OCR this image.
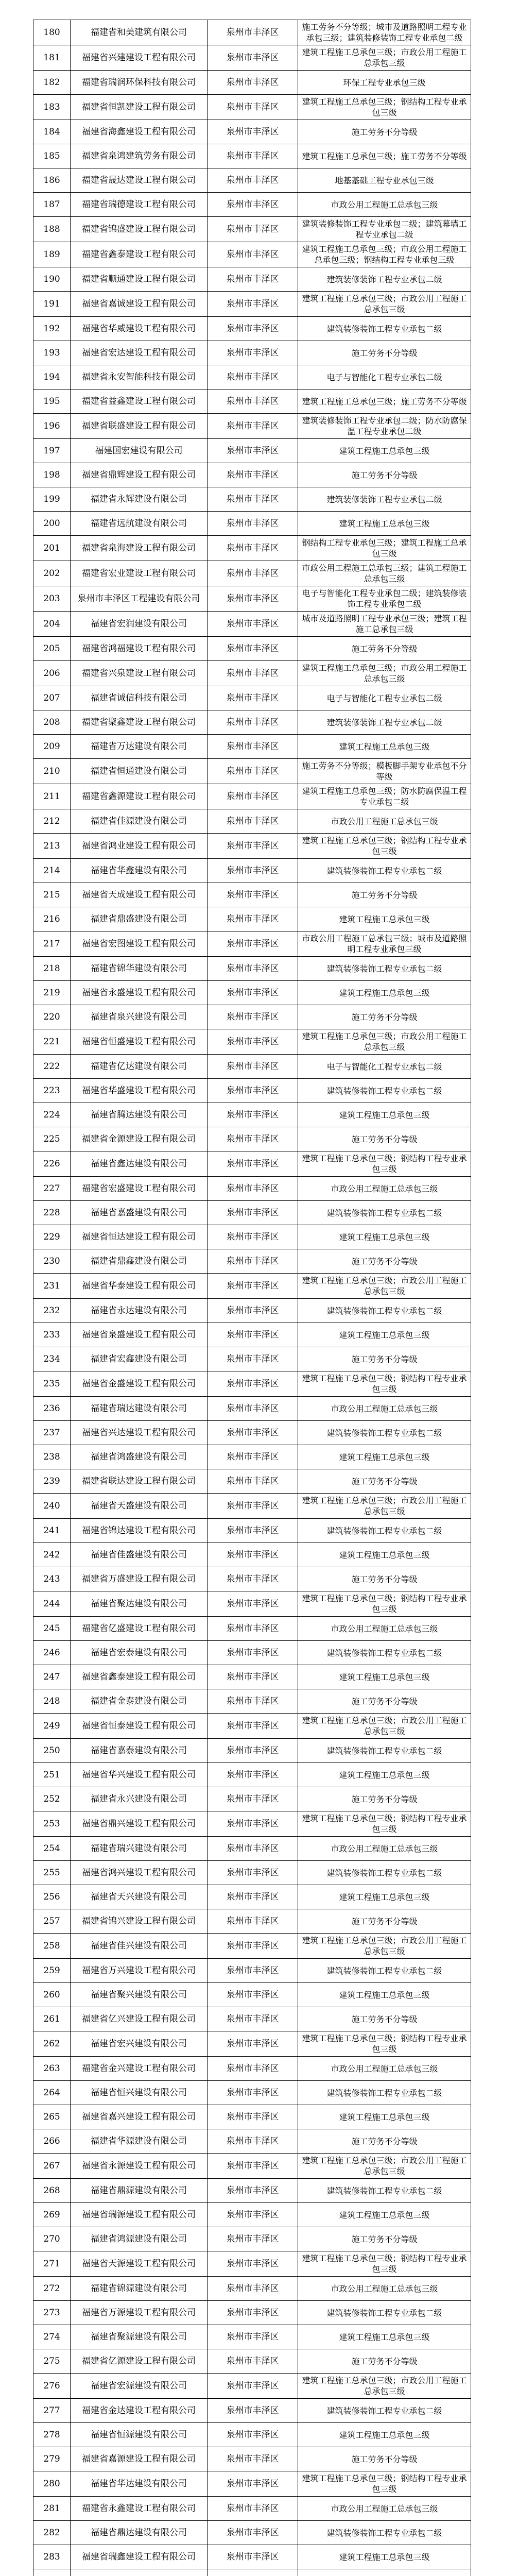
180	福建省和美建筑有限公司	泉州市丰泽区	施工劳务不分等级；城市及道路照明工程专业承包三级；建筑装修装饰工程专业承包二级
181	福建省兴建建设工程有限公司	泉州市丰泽区	建筑工程施工总承包三级；市政公用工程施工总承包三级
182	福建省瑞润环保科技有限公司	泉州市丰泽区	环保工程专业承包三级
183	福建省恒凯建设工程有限公司	泉州市丰泽区	建筑工程施工总承包三级；钢结构工程专业承包三级
184	福建省海鑫建设工程有限公司	泉州市丰泽区	施工劳务不分等级
185	福建省泉鸿建筑劳务有限公司	泉州市丰泽区	建筑工程施工总承包三级；施工劳务不分等级
186	福建省晟达建设工程有限公司	泉州市丰泽区	地基基础工程专业承包三级
187	福建省瑞德建设工程有限公司	泉州市丰泽区	市政公用工程施工总承包三级
188	福建省锦盛建设工程有限公司	泉州市丰泽区	建筑装修装饰工程专业承包二级；建筑幕墙工程专业承包二级
189	福建省鑫泰建设工程有限公司	泉州市丰泽区	建筑工程施工总承包三级；市政公用工程施工总承包三级；钢结构工程专业承包三级
190	福建省顺通建设工程有限公司	泉州市丰泽区	建筑装修装饰工程专业承包二级
191	福建省嘉诚建设工程有限公司	泉州市丰泽区	建筑工程施工总承包三级；市政公用工程施工总承包三级
192	福建省华威建设工程有限公司	泉州市丰泽区	建筑装修装饰工程专业承包二级
193	福建省宏达建设工程有限公司	泉州市丰泽区	施工劳务不分等级
194	福建省永安智能科技有限公司	泉州市丰泽区	电子与智能化工程专业承包二级
195	福建省益鑫建设工程有限公司	泉州市丰泽区	建筑工程施工总承包三级；施工劳务不分等级
196	福建省联盛建设工程有限公司	泉州市丰泽区	建筑装修装饰工程专业承包二级；防水防腐保温工程专业承包二级
197	福建国宏建设有限公司	泉州市丰泽区	建筑工程施工总承包三级
198	福建省鼎辉建设工程有限公司	泉州市丰泽区	施工劳务不分等级
199	福建省永辉建设有限公司	泉州市丰泽区	建筑装修装饰工程专业承包二级
200	福建省远航建设有限公司	泉州市丰泽区	建筑工程施工总承包三级
201	福建省泉海建设工程有限公司	泉州市丰泽区	钢结构工程专业承包三级；建筑工程施工总承包三级
202	福建省宏业建设工程有限公司	泉州市丰泽区	市政公用工程施工总承包三级；建筑工程施工总承包三级
203	泉州市丰泽区工程建设有限公司	泉州市丰泽区	电子与智能化工程专业承包二级；建筑装修装饰工程专业承包二级
204	福建省宏润建设有限公司	泉州市丰泽区	城市及道路照明工程专业承包三级；建筑工程施工总承包三级
205	福建省鸿福建设工程有限公司	泉州市丰泽区	施工劳务不分等级
206	福建省兴泉建设工程有限公司	泉州市丰泽区	建筑工程施工总承包三级；市政公用工程施工总承包三级
207	福建省诚信科技有限公司	泉州市丰泽区	电子与智能化工程专业承包二级
208	福建省聚鑫建设工程有限公司	泉州市丰泽区	建筑装修装饰工程专业承包二级
209	福建省万达建设有限公司	泉州市丰泽区	建筑工程施工总承包三级
210	福建省恒通建设有限公司	泉州市丰泽区	施工劳务不分等级；模板脚手架专业承包不分等级
211	福建省鑫源建设工程有限公司	泉州市丰泽区	建筑工程施工总承包三级；防水防腐保温工程专业承包二级
212	福建省佳源建设有限公司	泉州市丰泽区	市政公用工程施工总承包三级
213	福建省鸿业建设工程有限公司	泉州市丰泽区	建筑工程施工总承包三级；钢结构工程专业承包三级
214	福建省华鑫建设有限公司	泉州市丰泽区	建筑装修装饰工程专业承包二级
215	福建省天成建设工程有限公司	泉州市丰泽区	施工劳务不分等级
216	福建省鼎盛建设有限公司	泉州市丰泽区	建筑工程施工总承包三级
217	福建省宏图建设工程有限公司	泉州市丰泽区	市政公用工程施工总承包三级；城市及道路照明工程专业承包三级
218	福建省锦华建设有限公司	泉州市丰泽区	建筑装修装饰工程专业承包二级
219	福建省永盛建设工程有限公司	泉州市丰泽区	建筑工程施工总承包三级
220	福建省泉兴建设有限公司	泉州市丰泽区	施工劳务不分等级
221	福建省恒盛建设工程有限公司	泉州市丰泽区	建筑工程施工总承包三级；市政公用工程施工总承包三级
222	福建省亿达建设有限公司	泉州市丰泽区	电子与智能化工程专业承包二级
223	福建省华盛建设工程有限公司	泉州市丰泽区	建筑装修装饰工程专业承包二级
224	福建省腾达建设有限公司	泉州市丰泽区	建筑工程施工总承包三级
225	福建省金源建设工程有限公司	泉州市丰泽区	施工劳务不分等级
226	福建省鑫达建设有限公司	泉州市丰泽区	建筑工程施工总承包三级；钢结构工程专业承包三级
227	福建省宏盛建设工程有限公司	泉州市丰泽区	市政公用工程施工总承包三级
228	福建省嘉盛建设有限公司	泉州市丰泽区	建筑装修装饰工程专业承包二级
229	福建省恒达建设工程有限公司	泉州市丰泽区	建筑工程施工总承包三级
230	福建省鼎鑫建设有限公司	泉州市丰泽区	施工劳务不分等级
231	福建省华泰建设工程有限公司	泉州市丰泽区	建筑工程施工总承包三级；市政公用工程施工总承包三级
232	福建省永达建设有限公司	泉州市丰泽区	建筑装修装饰工程专业承包二级
233	福建省泉盛建设工程有限公司	泉州市丰泽区	建筑工程施工总承包三级
234	福建省宏鑫建设有限公司	泉州市丰泽区	施工劳务不分等级
235	福建省金盛建设工程有限公司	泉州市丰泽区	建筑工程施工总承包三级；钢结构工程专业承包三级
236	福建省瑞达建设有限公司	泉州市丰泽区	市政公用工程施工总承包三级
237	福建省兴达建设工程有限公司	泉州市丰泽区	建筑装修装饰工程专业承包二级
238	福建省鸿盛建设有限公司	泉州市丰泽区	建筑工程施工总承包三级
239	福建省联达建设工程有限公司	泉州市丰泽区	施工劳务不分等级
240	福建省天盛建设有限公司	泉州市丰泽区	建筑工程施工总承包三级；市政公用工程施工总承包三级
241	福建省锦达建设工程有限公司	泉州市丰泽区	建筑装修装饰工程专业承包二级
242	福建省佳盛建设有限公司	泉州市丰泽区	建筑工程施工总承包三级
243	福建省万盛建设工程有限公司	泉州市丰泽区	施工劳务不分等级
244	福建省聚达建设有限公司	泉州市丰泽区	建筑工程施工总承包三级；钢结构工程专业承包三级
245	福建省亿盛建设工程有限公司	泉州市丰泽区	市政公用工程施工总承包三级
246	福建省宏泰建设有限公司	泉州市丰泽区	建筑装修装饰工程专业承包二级
247	福建省鑫泰建设工程有限公司	泉州市丰泽区	建筑工程施工总承包三级
248	福建省金泰建设有限公司	泉州市丰泽区	施工劳务不分等级
249	福建省恒泰建设工程有限公司	泉州市丰泽区	建筑工程施工总承包三级；市政公用工程施工总承包三级
250	福建省嘉泰建设有限公司	泉州市丰泽区	建筑装修装饰工程专业承包二级
251	福建省华兴建设工程有限公司	泉州市丰泽区	建筑工程施工总承包三级
252	福建省永兴建设有限公司	泉州市丰泽区	施工劳务不分等级
253	福建省鼎兴建设工程有限公司	泉州市丰泽区	建筑工程施工总承包三级；钢结构工程专业承包三级
254	福建省瑞兴建设有限公司	泉州市丰泽区	市政公用工程施工总承包三级
255	福建省鸿兴建设工程有限公司	泉州市丰泽区	建筑装修装饰工程专业承包二级
256	福建省天兴建设有限公司	泉州市丰泽区	建筑工程施工总承包三级
257	福建省锦兴建设工程有限公司	泉州市丰泽区	施工劳务不分等级
258	福建省佳兴建设有限公司	泉州市丰泽区	建筑工程施工总承包三级；市政公用工程施工总承包三级
259	福建省万兴建设工程有限公司	泉州市丰泽区	建筑装修装饰工程专业承包二级
260	福建省聚兴建设有限公司	泉州市丰泽区	建筑工程施工总承包三级
261	福建省亿兴建设工程有限公司	泉州市丰泽区	施工劳务不分等级
262	福建省宏兴建设有限公司	泉州市丰泽区	建筑工程施工总承包三级；钢结构工程专业承包三级
263	福建省金兴建设工程有限公司	泉州市丰泽区	市政公用工程施工总承包三级
264	福建省恒兴建设有限公司	泉州市丰泽区	建筑装修装饰工程专业承包二级
265	福建省嘉兴建设工程有限公司	泉州市丰泽区	建筑工程施工总承包三级
266	福建省华源建设有限公司	泉州市丰泽区	施工劳务不分等级
267	福建省永源建设工程有限公司	泉州市丰泽区	建筑工程施工总承包三级；市政公用工程施工总承包三级
268	福建省鼎源建设有限公司	泉州市丰泽区	建筑装修装饰工程专业承包二级
269	福建省瑞源建设工程有限公司	泉州市丰泽区	建筑工程施工总承包三级
270	福建省鸿源建设有限公司	泉州市丰泽区	施工劳务不分等级
271	福建省天源建设工程有限公司	泉州市丰泽区	建筑工程施工总承包三级；钢结构工程专业承包三级
272	福建省锦源建设有限公司	泉州市丰泽区	市政公用工程施工总承包三级
273	福建省万源建设工程有限公司	泉州市丰泽区	建筑装修装饰工程专业承包二级
274	福建省聚源建设有限公司	泉州市丰泽区	建筑工程施工总承包三级
275	福建省亿源建设工程有限公司	泉州市丰泽区	施工劳务不分等级
276	福建省宏源建设有限公司	泉州市丰泽区	建筑工程施工总承包三级；市政公用工程施工总承包三级
277	福建省金达建设工程有限公司	泉州市丰泽区	建筑装修装饰工程专业承包二级
278	福建省恒源建设有限公司	泉州市丰泽区	建筑工程施工总承包三级
279	福建省嘉源建设工程有限公司	泉州市丰泽区	施工劳务不分等级
280	福建省华达建设有限公司	泉州市丰泽区	建筑工程施工总承包三级；钢结构工程专业承包三级
281	福建省永鑫建设工程有限公司	泉州市丰泽区	市政公用工程施工总承包三级
282	福建省鼎达建设有限公司	泉州市丰泽区	建筑装修装饰工程专业承包二级
283	福建省瑞鑫建设工程有限公司	泉州市丰泽区	建筑工程施工总承包三级
